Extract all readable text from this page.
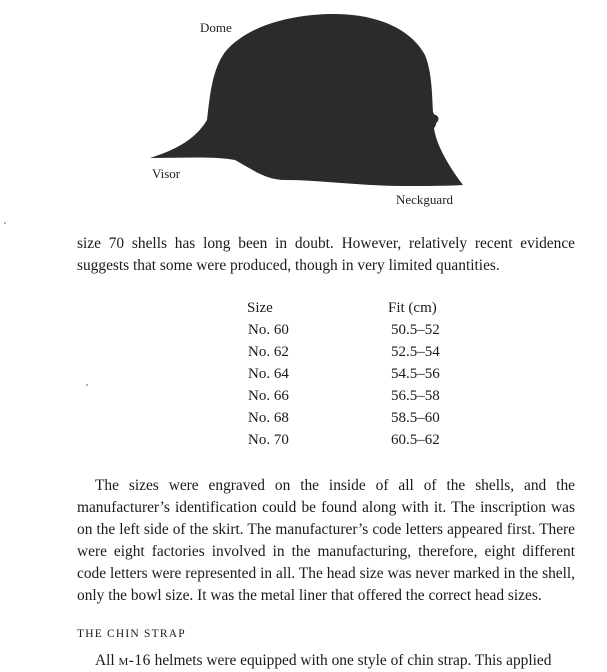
Dome
Visor
Neckguard

size 70 shells has long been in doubt. However, relatively recent evidence suggests that some were produced, though in very limited quantities.

Size	Fit (cm)
No. 60	50.5–52
No. 62	52.5–54
No. 64	54.5–56
No. 66	56.5–58
No. 68	58.5–60
No. 70	60.5–62

The sizes were engraved on the inside of all of the shells, and the manufacturer’s identification could be found along with it. The inscription was on the left side of the skirt. The manufacturer’s code letters appeared first. There were eight factories involved in the manufacturing, therefore, eight different code letters were represented in all. The head size was never marked in the shell, only the bowl size. It was the metal liner that offered the correct head sizes.

THE CHIN STRAP

All m-16 helmets were equipped with one style of chin strap. This applied
